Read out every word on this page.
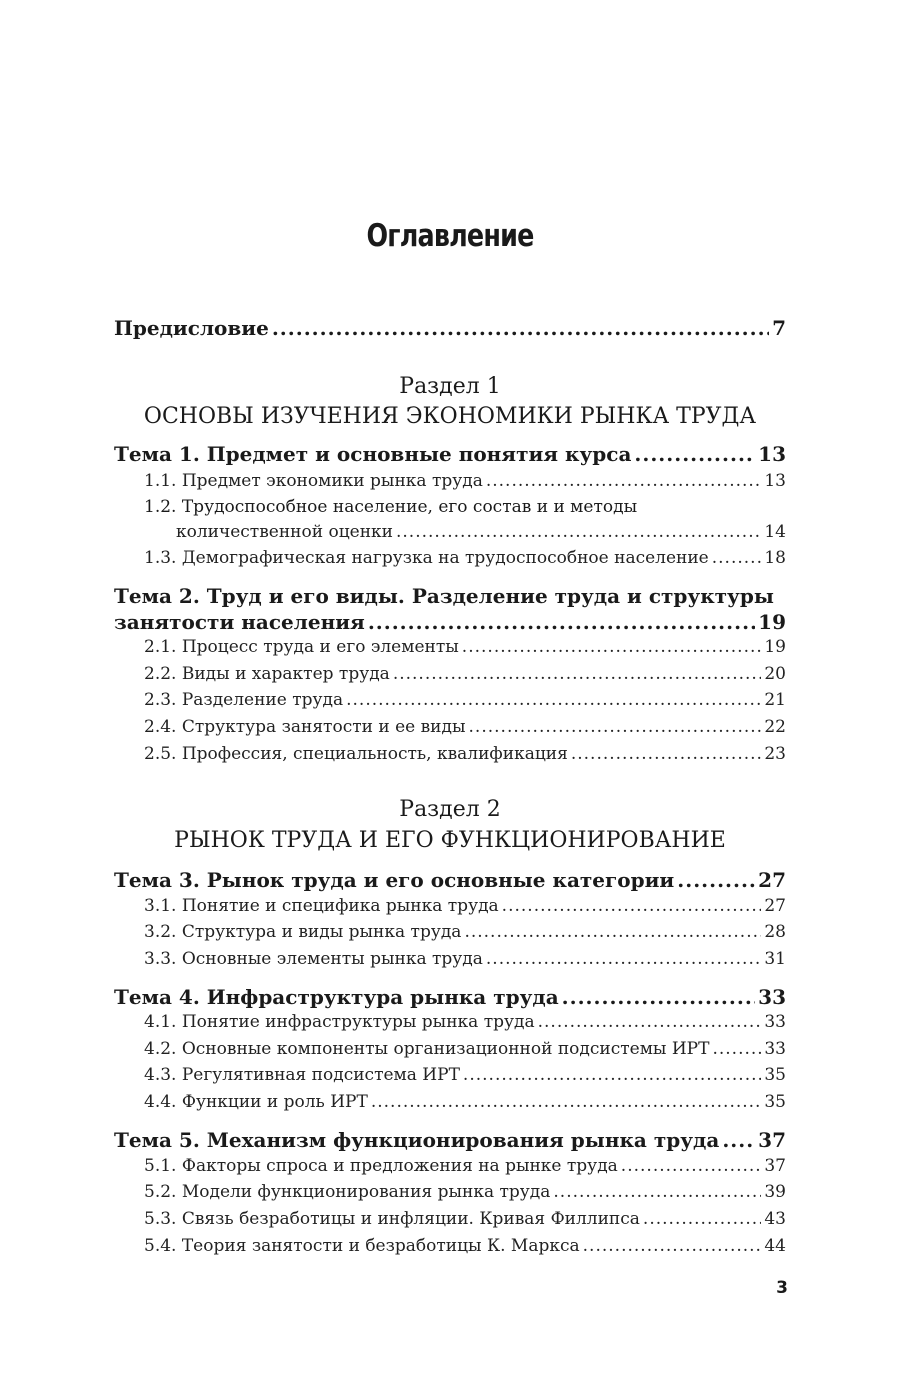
Оглавление
Предисловие .....	7
Раздел 1
ОСНОВЫ ИЗУЧЕНИЯ ЭКОНОМИКИ РЫНКА ТРУДА
Тема 1. Предмет и основные понятия курса .....	13
1.1. Предмет экономики рынка труда .....	13
1.2. Трудоспособное население, его состав и и методы
количественной оценки .....	14
1.3. Демографическая нагрузка на трудоспособное население .....	18
Тема 2. Труд и его виды. Разделение труда и структуры
занятости населения .....	19
2.1. Процесс труда и его элементы .....	19
2.2. Виды и характер труда .....	20
2.3. Разделение труда .....	21
2.4. Структура занятости и ее виды .....	22
2.5. Профессия, специальность, квалификация .....	23
Раздел 2
РЫНОК ТРУДА И ЕГО ФУНКЦИОНИРОВАНИЕ
Тема 3. Рынок труда и его основные категории .....	27
3.1. Понятие и специфика рынка труда .....	27
3.2. Структура и виды рынка труда .....	28
3.3. Основные элементы рынка труда .....	31
Тема 4. Инфраструктура рынка труда .....	33
4.1. Понятие инфраструктуры рынка труда .....	33
4.2. Основные компоненты организационной подсистемы ИРТ .....	33
4.3. Регулятивная подсистема ИРТ .....	35
4.4. Функции и роль ИРТ .....	35
Тема 5. Механизм функционирования рынка труда ..... 37
5.1. Факторы спроса и предложения на рынке труда .....	37
5.2. Модели функционирования рынка труда .....	39
5.3. Связь безработицы и инфляции. Кривая Филлипса .....	43
5.4. Теория занятости и безработицы К. Маркса .....	44
3
